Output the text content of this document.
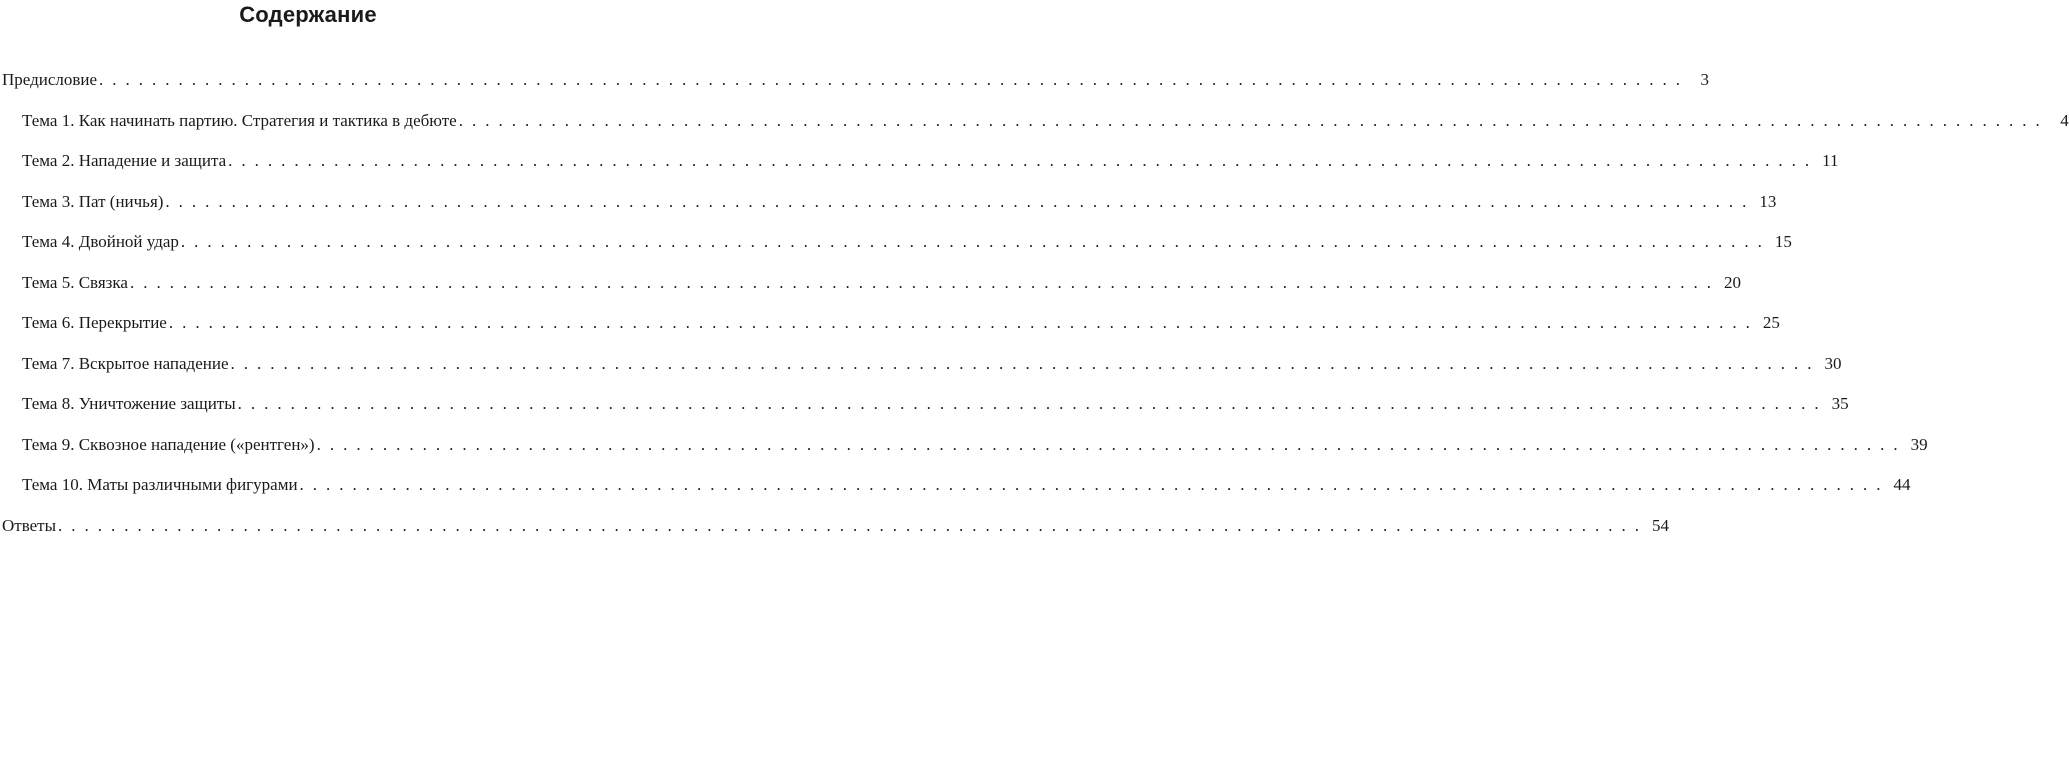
Содержание
Предисловие ........................................................................................................................ 3
Тема 1. Как начинать партию. Стратегия и тактика в дебюте ........................................................................................................................ 4
Тема 2. Нападение и защита ........................................................................................................................ 11
Тема 3. Пат (ничья) ........................................................................................................................ 13
Тема 4. Двойной удар ........................................................................................................................ 15
Тема 5. Связка ........................................................................................................................ 20
Тема 6. Перекрытие ........................................................................................................................ 25
Тема 7. Вскрытое нападение ........................................................................................................................ 30
Тема 8. Уничтожение защиты ........................................................................................................................ 35
Тема 9. Сквозное нападение («рентген») ........................................................................................................................ 39
Тема 10. Маты различными фигурами ........................................................................................................................ 44
Ответы ........................................................................................................................ 54
